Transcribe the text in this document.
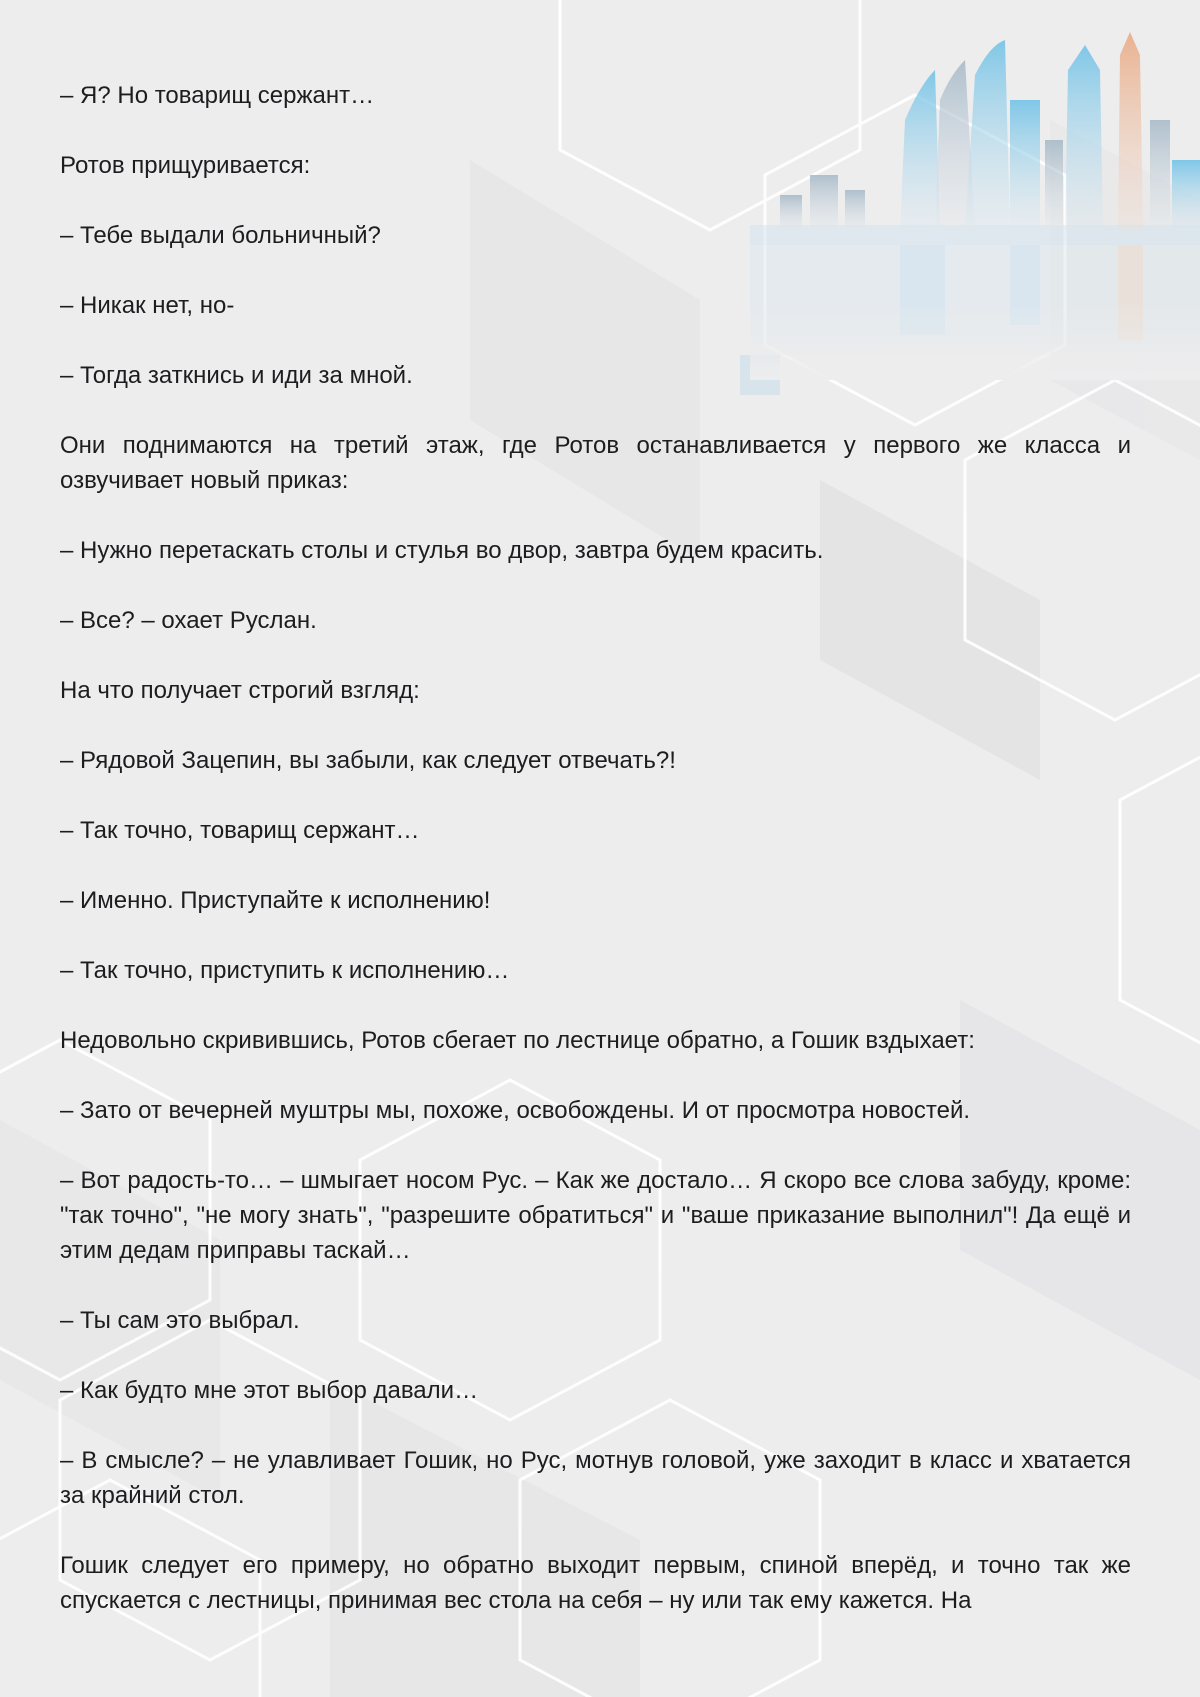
– Я? Но товарищ сержант…

Ротов прищуривается:

– Тебе выдали больничный?

– Никак нет, но-

– Тогда заткнись и иди за мной.

Они поднимаются на третий этаж, где Ротов останавливается у первого же класса и озвучивает новый приказ:

– Нужно перетаскать столы и стулья во двор, завтра будем красить.

– Все? – охает Руслан.

На что получает строгий взгляд:

– Рядовой Зацепин, вы забыли, как следует отвечать?!

– Так точно, товарищ сержант…

– Именно. Приступайте к исполнению!

– Так точно, приступить к исполнению…

Недовольно скривившись, Ротов сбегает по лестнице обратно, а Гошик вздыхает:

– Зато от вечерней муштры мы, похоже, освобождены. И от просмотра новостей.

– Вот радость-то… – шмыгает носом Рус. – Как же достало… Я скоро все слова забуду, кроме: "так точно", "не могу знать", "разрешите обратиться" и "ваше приказание выполнил"! Да ещё и этим дедам приправы таскай…

– Ты сам это выбрал.

– Как будто мне этот выбор давали…

– В смысле? – не улавливает Гошик, но Рус, мотнув головой, уже заходит в класс и хватается за крайний стол.

Гошик следует его примеру, но обратно выходит первым, спиной вперёд, и точно так же спускается с лестницы, принимая вес стола на себя – ну или так ему кажется. На
